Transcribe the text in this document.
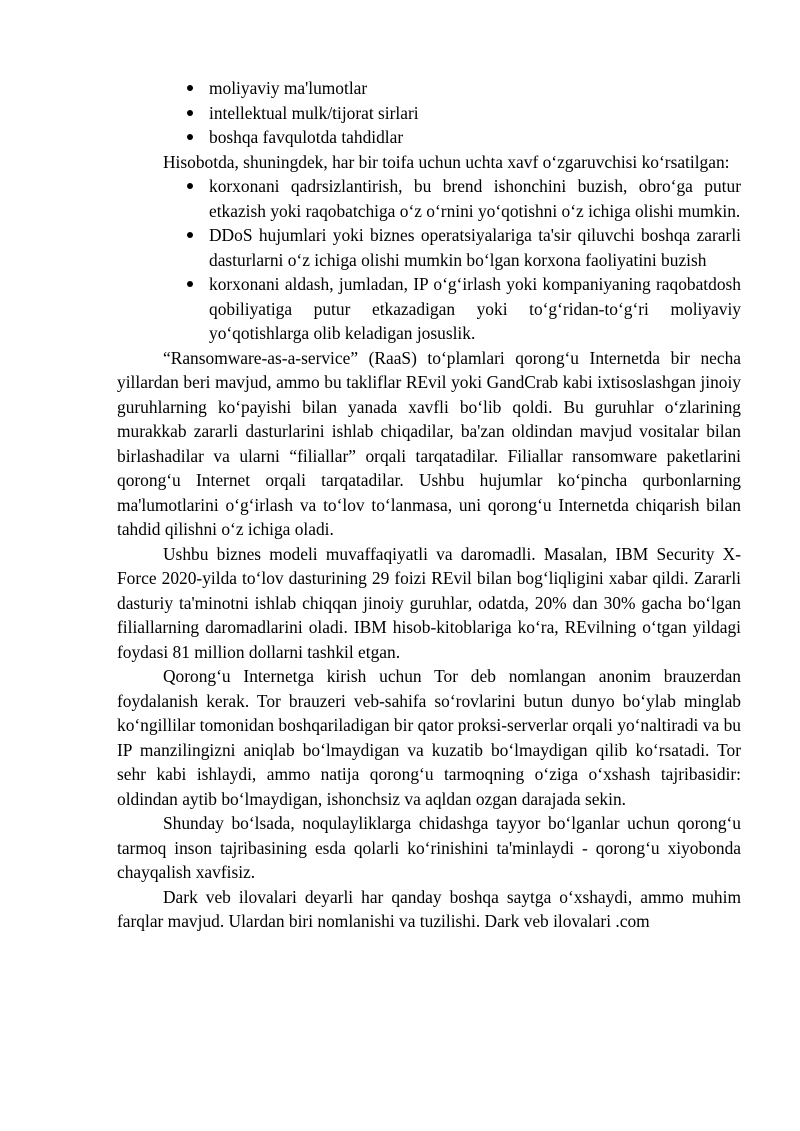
moliyaviy ma'lumotlar
intellektual mulk/tijorat sirlari
boshqa favqulotda tahdidlar

Hisobotda, shuningdek, har bir toifa uchun uchta xavf o‘zgaruvchisi ko‘rsatilgan:

korxonani qadrsizlantirish, bu brend ishonchini buzish, obro‘ga putur etkazish yoki raqobatchiga o‘z o‘rnini yo‘qotishni o‘z ichiga olishi mumkin.
DDoS hujumlari yoki biznes operatsiyalariga ta'sir qiluvchi boshqa zararli dasturlarni o‘z ichiga olishi mumkin bo‘lgan korxona faoliyatini buzish
korxonani aldash, jumladan, IP o‘g‘irlash yoki kompaniyaning raqobatdosh qobiliyatiga putur etkazadigan yoki to‘g‘ridan-to‘g‘ri moliyaviy yo‘qotishlarga olib keladigan josuslik.

“Ransomware-as-a-service” (RaaS) to‘plamlari qorong‘u Internetda bir necha yillardan beri mavjud, ammo bu takliflar REvil yoki GandCrab kabi ixtisoslashgan jinoiy guruhlarning ko‘payishi bilan yanada xavfli bo‘lib qoldi. Bu guruhlar o‘zlarining murakkab zararli dasturlarini ishlab chiqadilar, ba'zan oldindan mavjud vositalar bilan birlashadilar va ularni “filiallar” orqali tarqatadilar. Filiallar ransomware paketlarini qorong‘u Internet orqali tarqatadilar. Ushbu hujumlar ko‘pincha qurbonlarning ma'lumotlarini o‘g‘irlash va to‘lov to‘lanmasa, uni qorong‘u Internetda chiqarish bilan tahdid qilishni o‘z ichiga oladi.

Ushbu biznes modeli muvaffaqiyatli va daromadli. Masalan, IBM Security X-Force 2020-yilda to‘lov dasturining 29 foizi REvil bilan bog‘liqligini xabar qildi. Zararli dasturiy ta'minotni ishlab chiqqan jinoiy guruhlar, odatda, 20% dan 30% gacha bo‘lgan filiallarning daromadlarini oladi. IBM hisob-kitoblariga ko‘ra, REvilning o‘tgan yildagi foydasi 81 million dollarni tashkil etgan.

Qorong‘u Internetga kirish uchun Tor deb nomlangan anonim brauzerdan foydalanish kerak. Tor brauzeri veb-sahifa so‘rovlarini butun dunyo bo‘ylab minglab ko‘ngillilar tomonidan boshqariladigan bir qator proksi-serverlar orqali yo‘naltiradi va bu IP manzilingizni aniqlab bo‘lmaydigan va kuzatib bo‘lmaydigan qilib ko‘rsatadi. Tor sehr kabi ishlaydi, ammo natija qorong‘u tarmoqning o‘ziga o‘xshash tajribasidir: oldindan aytib bo‘lmaydigan, ishonchsiz va aqldan ozgan darajada sekin.

Shunday bo‘lsada, noqulayliklarga chidashga tayyor bo‘lganlar uchun qorong‘u tarmoq inson tajribasining esda qolarli ko‘rinishini ta'minlaydi - qorong‘u xiyobonda chayqalish xavfisiz.

Dark veb ilovalari deyarli har qanday boshqa saytga o‘xshaydi, ammo muhim farqlar mavjud. Ulardan biri nomlanishi va tuzilishi. Dark veb ilovalari .com
